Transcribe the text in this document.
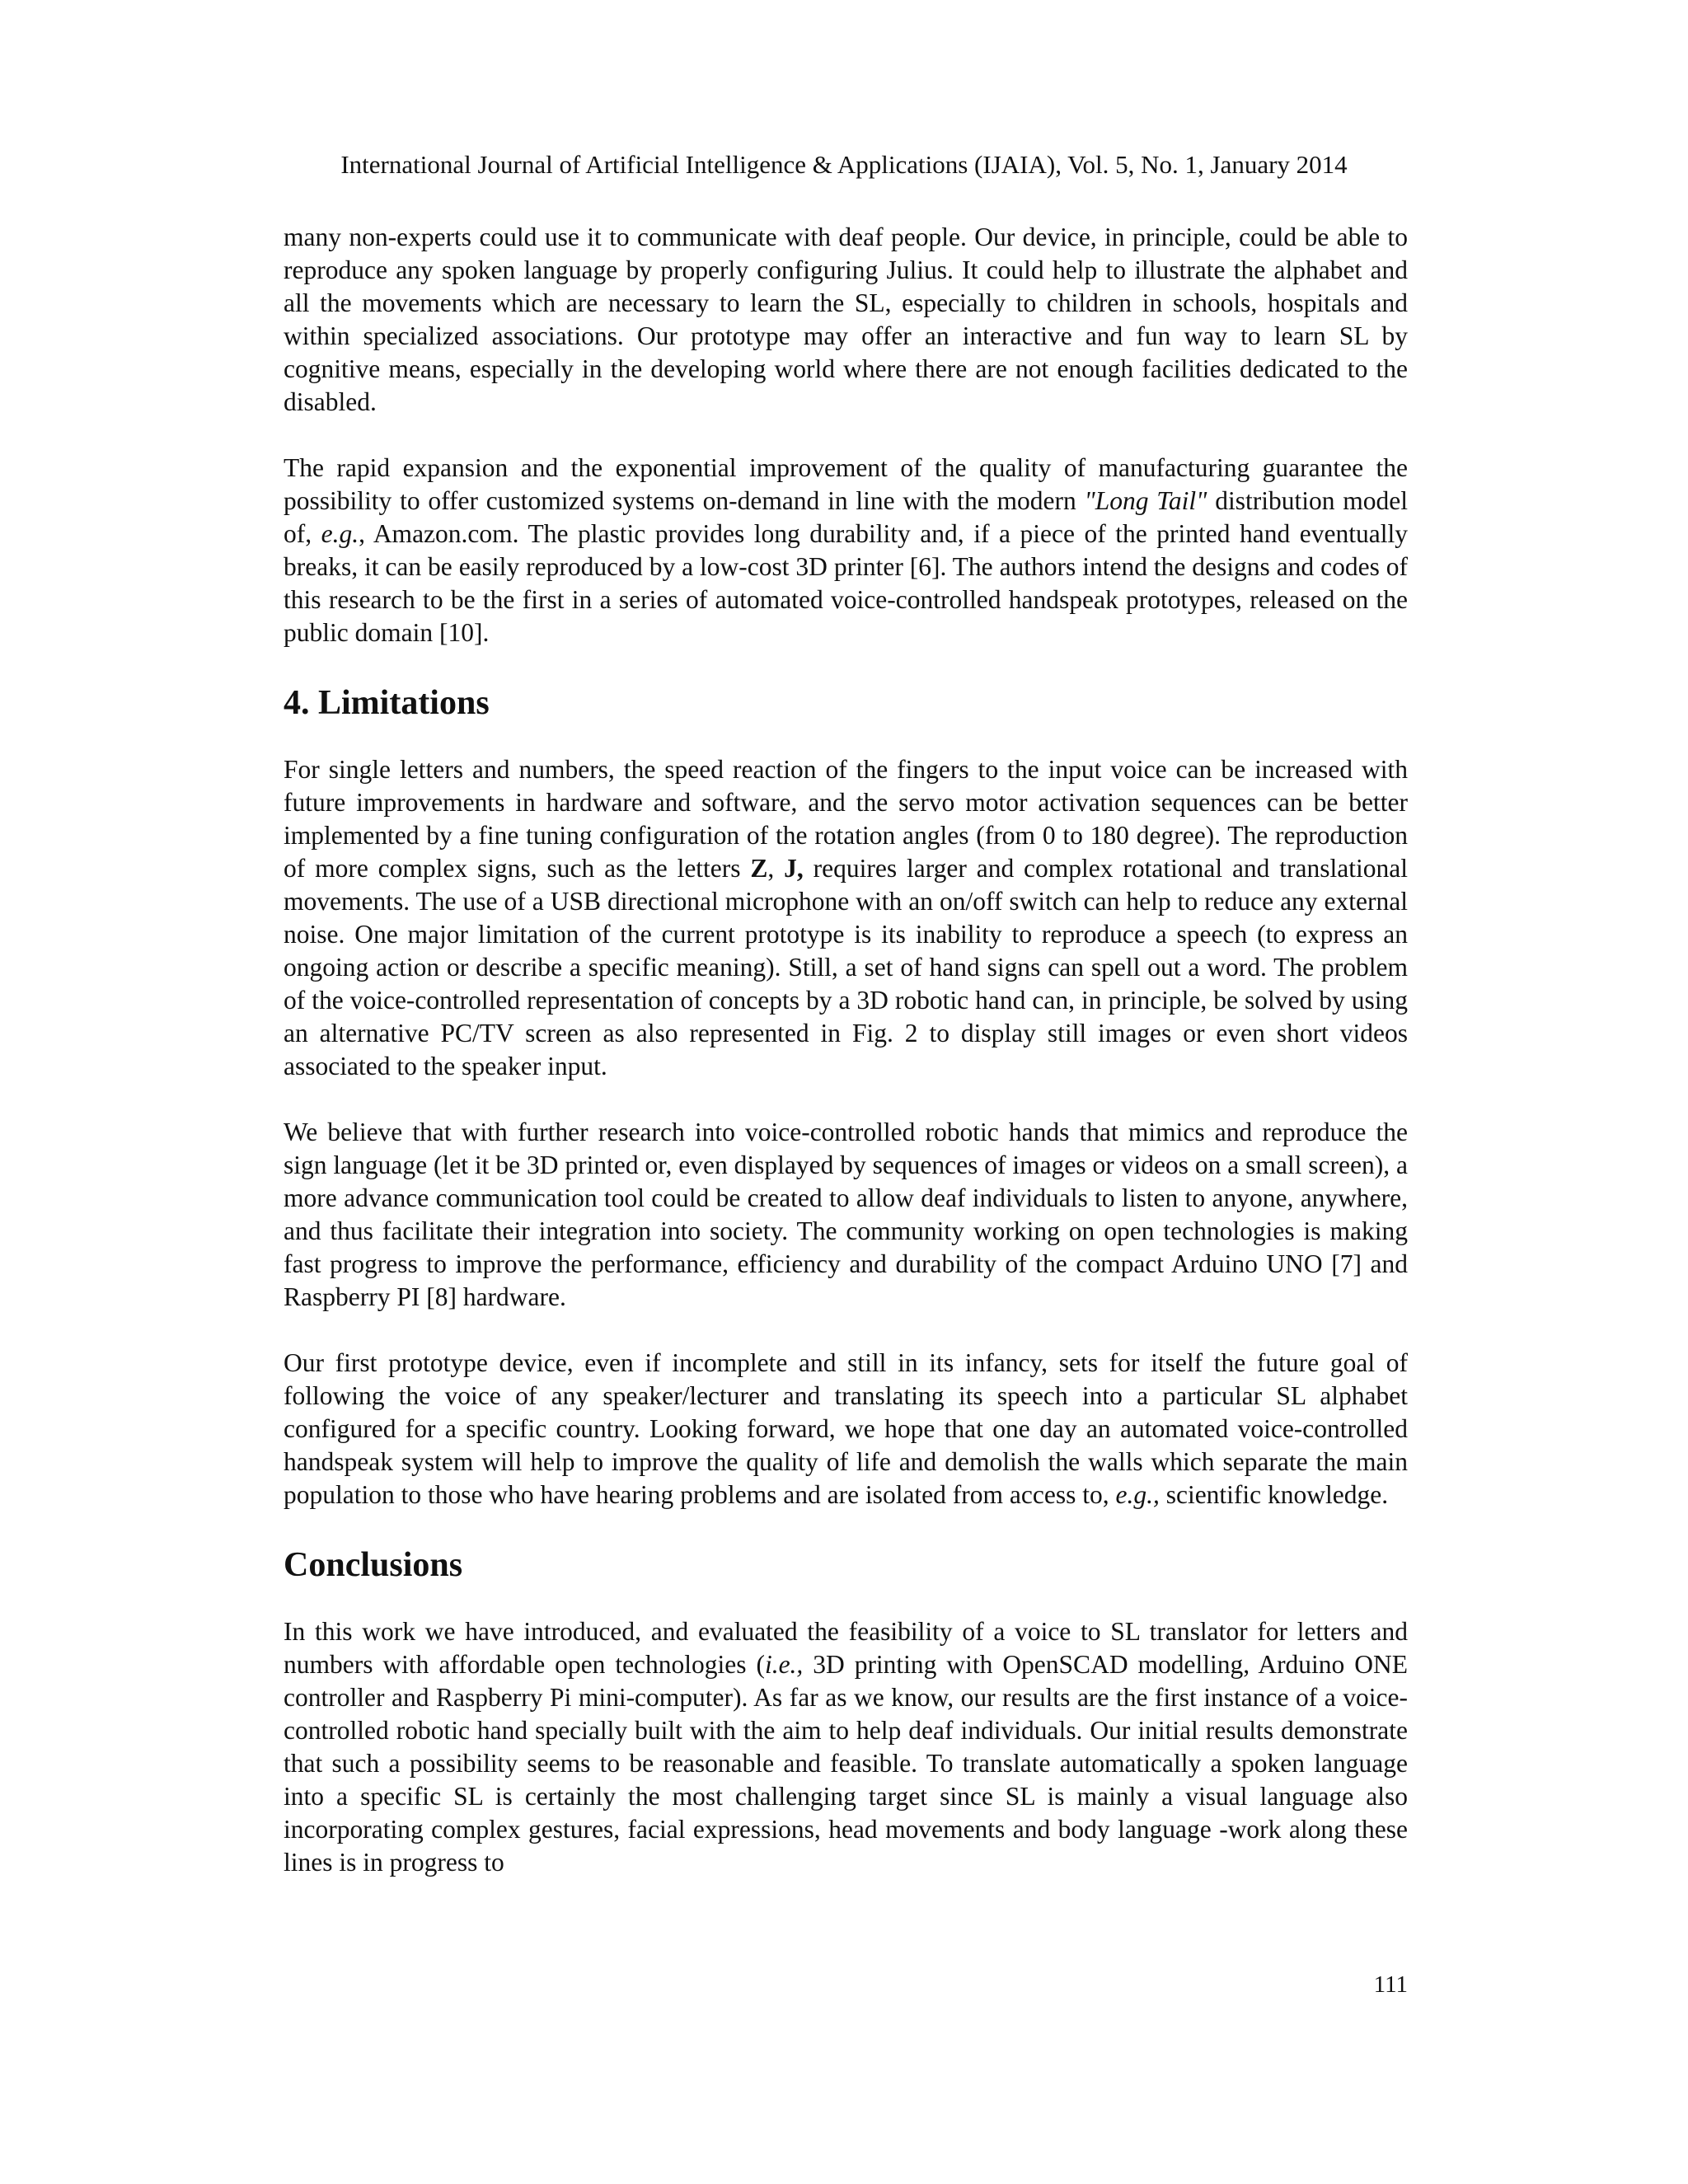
International Journal of Artificial Intelligence & Applications (IJAIA), Vol. 5, No. 1, January 2014

many non-experts could use it to communicate with deaf people. Our device, in principle, could be able to reproduce any spoken language by properly configuring Julius. It could help to illustrate the alphabet and all the movements which are necessary to learn the SL, especially to children in schools, hospitals and within specialized associations. Our prototype may offer an interactive and fun way to learn SL by cognitive means, especially in the developing world where there are not enough facilities dedicated to the disabled.

The rapid expansion and the exponential improvement of the quality of manufacturing guarantee the possibility to offer customized systems on-demand in line with the modern "Long Tail" distribution model of, e.g., Amazon.com. The plastic provides long durability and, if a piece of the printed hand eventually breaks, it can be easily reproduced by a low-cost 3D printer [6]. The authors intend the designs and codes of this research to be the first in a series of automated voice-controlled handspeak prototypes, released on the public domain [10].

4. Limitations

For single letters and numbers, the speed reaction of the fingers to the input voice can be increased with future improvements in hardware and software, and the servo motor activation sequences can be better implemented by a fine tuning configuration of the rotation angles (from 0 to 180 degree). The reproduction of more complex signs, such as the letters Z, J, requires larger and complex rotational and translational movements. The use of a USB directional microphone with an on/off switch can help to reduce any external noise. One major limitation of the current prototype is its inability to reproduce a speech (to express an ongoing action or describe a specific meaning). Still, a set of hand signs can spell out a word. The problem of the voice-controlled representation of concepts by a 3D robotic hand can, in principle, be solved by using an alternative PC/TV screen as also represented in Fig. 2 to display still images or even short videos associated to the speaker input.

We believe that with further research into voice-controlled robotic hands that mimics and reproduce the sign language (let it be 3D printed or, even displayed by sequences of images or videos on a small screen), a more advance communication tool could be created to allow deaf individuals to listen to anyone, anywhere, and thus facilitate their integration into society. The community working on open technologies is making fast progress to improve the performance, efficiency and durability of the compact Arduino UNO [7] and Raspberry PI [8] hardware.

Our first prototype device, even if incomplete and still in its infancy, sets for itself the future goal of following the voice of any speaker/lecturer and translating its speech into a particular SL alphabet configured for a specific country. Looking forward, we hope that one day an automated voice-controlled handspeak system will help to improve the quality of life and demolish the walls which separate the main population to those who have hearing problems and are isolated from access to, e.g., scientific knowledge.

Conclusions

In this work we have introduced, and evaluated the feasibility of a voice to SL translator for letters and numbers with affordable open technologies (i.e., 3D printing with OpenSCAD modelling, Arduino ONE controller and Raspberry Pi mini-computer). As far as we know, our results are the first instance of a voice-controlled robotic hand specially built with the aim to help deaf individuals. Our initial results demonstrate that such a possibility seems to be reasonable and feasible. To translate automatically a spoken language into a specific SL is certainly the most challenging target since SL is mainly a visual language also incorporating complex gestures, facial expressions, head movements and body language -work along these lines is in progress to

111
